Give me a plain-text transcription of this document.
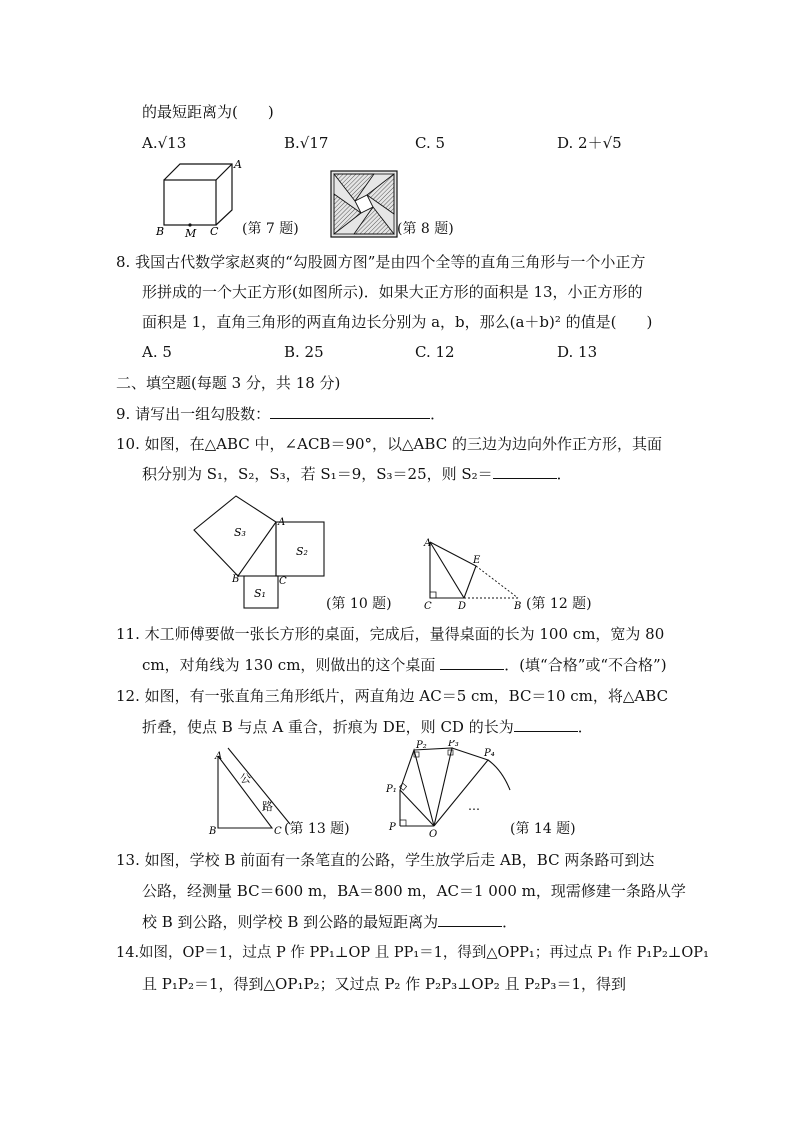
的最短距离为(　　)
A.√13	B.√17	C. 5	D. 2＋√5
A
B M C (第 7 题)	(第 8 题)
8. 我国古代数学家赵爽的“勾股圆方图”是由四个全等的直角三角形与一个小正方
形拼成的一个大正方形(如图所示)．如果大正方形的面积是 13，小正方形的
面积是 1，直角三角形的两直角边长分别为 a，b，那么(a＋b)² 的值是(　　)
A. 5	B. 25	C. 12	D. 13
二、填空题(每题 3 分，共 18 分)
9. 请写出一组勾股数：	．
10. 如图，在△ABC 中，∠ACB＝90°，以△ABC 的三边为边向外作正方形，其面
积分别为 S₁，S₂，S₃，若 S₁＝9，S₃＝25，则 S₂＝	．
S₃
S₂
S₁
A
B	C
(第 10 题)
A
E
C	D	B (第 12 题)
11. 木工师傅要做一张长方形的桌面，完成后，量得桌面的长为 100 cm，宽为 80
cm，对角线为 130 cm，则做出的这个桌面	．(填“合格”或“不合格”)
12. 如图，有一张直角三角形纸片，两直角边 AC＝5 cm，BC＝10 cm，将△ABC
折叠，使点 B 与点 A 重合，折痕为 DE，则 CD 的长为	．
A
B	C
公
路
(第 13 题)	P
P₁
P₂ P₃
P₄
O
…
(第 14 题)
13. 如图，学校 B 前面有一条笔直的公路，学生放学后走 AB，BC 两条路可到达
公路，经测量 BC＝600 m，BA＝800 m，AC＝1 000 m，现需修建一条路从学
校 B 到公路，则学校 B 到公路的最短距离为	．
14.如图，OP＝1，过点 P 作 PP₁⊥OP 且 PP₁＝1，得到△OPP₁；再过点 P₁ 作 P₁P₂⊥OP₁
且 P₁P₂＝1，得到△OP₁P₂；又过点 P₂ 作 P₂P₃⊥OP₂ 且 P₂P₃＝1，得到
